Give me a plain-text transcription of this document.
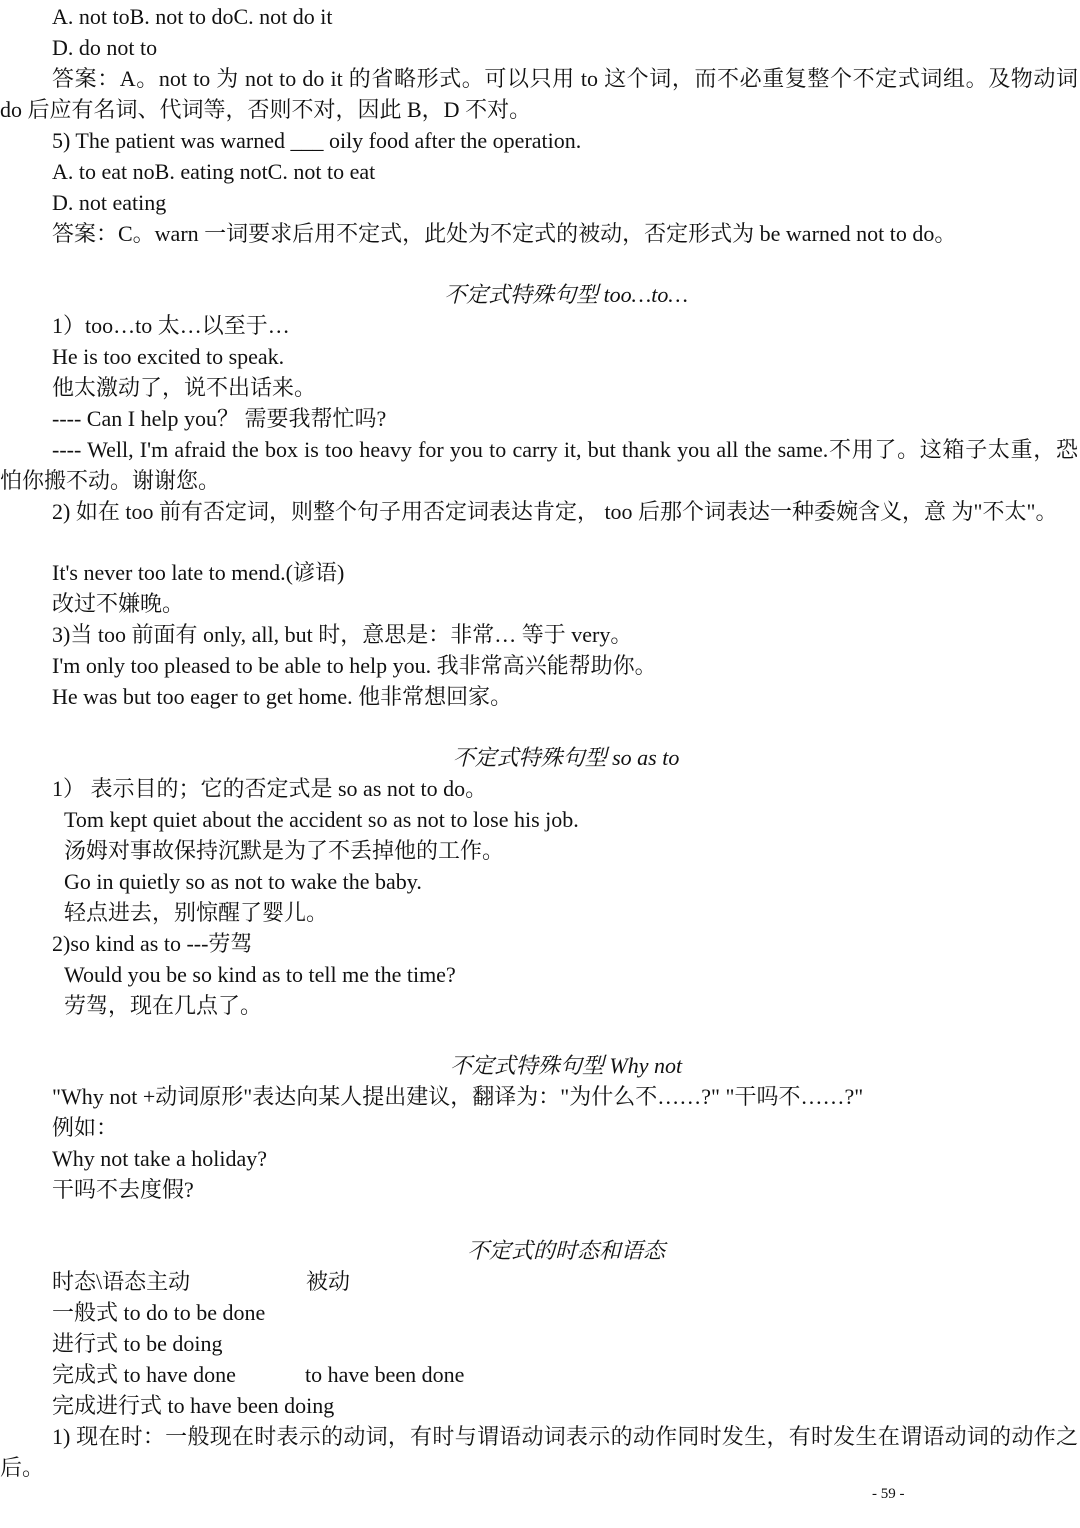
A. not toB. not to doC. not do it
D. do not to
答案：A。not to 为 not to do it 的省略形式。可以只用 to 这个词，而不必重复整个不定式词组。及物动词 do 后应有名词、代词等，否则不对，因此 B，D 不对。
5) The patient was warned ___ oily food after the operation.
A. to eat noB. eating notC. not to eat
D. not eating
答案：C。warn 一词要求后用不定式，此处为不定式的被动，否定形式为 be warned not to do。
不定式特殊句型 too…to…
1）too…to 太…以至于…
He is too excited to speak.
他太激动了，说不出话来。
---- Can I help you？ 需要我帮忙吗?
---- Well, I'm afraid the box is too heavy for you to carry it, but thank you all the same.不用了。这箱子太重，恐怕你搬不动。谢谢您。
2) 如在 too 前有否定词，则整个句子用否定词表达肯定， too 后那个词表达一种委婉含义，意 为"不太"。
It's never too late to mend.(谚语)
改过不嫌晚。
3)当 too 前面有 only, all, but 时，意思是：非常… 等于 very。
I'm only too pleased to be able to help you. 我非常高兴能帮助你。
He was but too eager to get home. 他非常想回家。
不定式特殊句型 so as to
1） 表示目的；它的否定式是 so as not to do。
Tom kept quiet about the accident so as not to lose his job.
汤姆对事故保持沉默是为了不丢掉他的工作。
Go in quietly so as not to wake the baby.
轻点进去，别惊醒了婴儿。
2)so kind as to ---劳驾
Would you be so kind as to tell me the time?
劳驾，现在几点了。
不定式特殊句型 Why not
"Why not +动词原形"表达向某人提出建议，翻译为："为什么不……?" "干吗不……?"
例如：
Why not take a holiday?
干吗不去度假?
不定式的时态和语态
时态\语态主动	被动
一般式 to do to be done
进行式 to be doing
完成式 to have done	to have been done
完成进行式 to have been doing
1) 现在时：一般现在时表示的动词，有时与谓语动词表示的动作同时发生，有时发生在谓语动词的动作之后。
- 59 -
